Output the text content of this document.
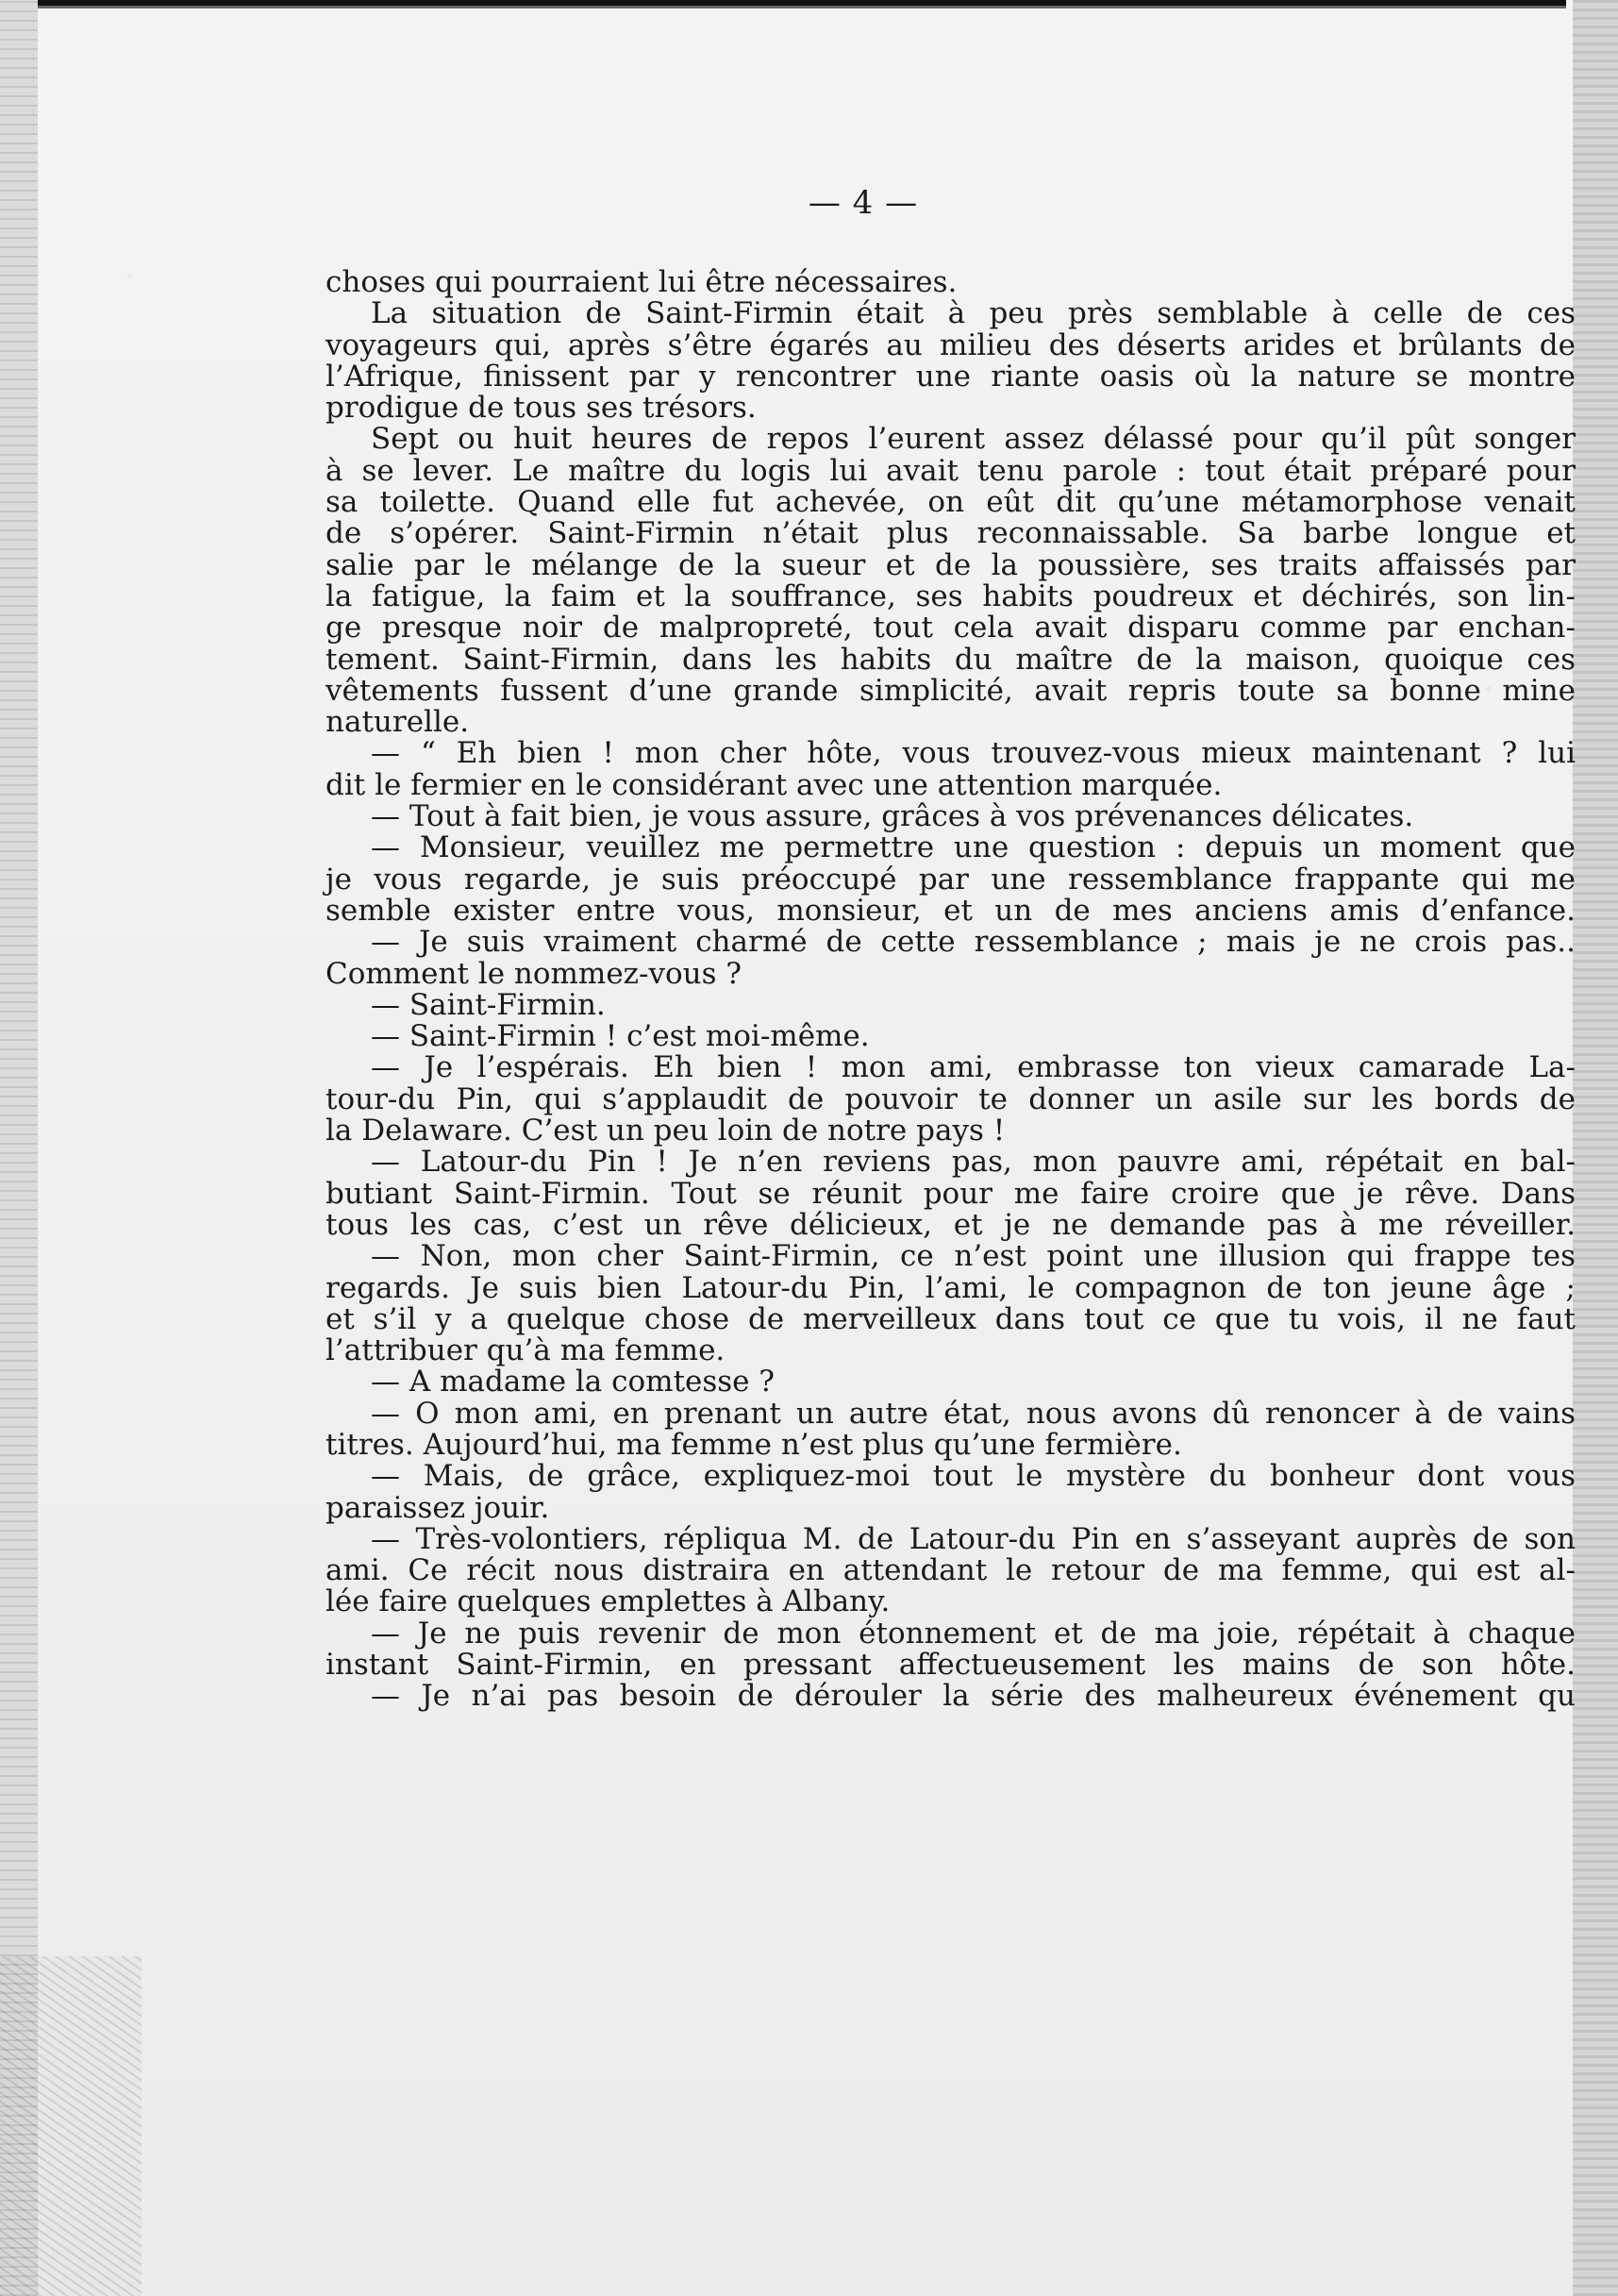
— 4 —
choses qui pourraient lui être nécessaires.
La situation de Saint-Firmin était à peu près semblable à celle de ces
voyageurs qui, après s’être égarés au milieu des déserts arides et brûlants de
l’Afrique, finissent par y rencontrer une riante oasis où la nature se montre
prodigue de tous ses trésors.
Sept ou huit heures de repos l’eurent assez délassé pour qu’il pût songer
à se lever. Le maître du logis lui avait tenu parole : tout était préparé pour
sa toilette. Quand elle fut achevée, on eût dit qu’une métamorphose venait
de s’opérer. Saint-Firmin n’était plus reconnaissable. Sa barbe longue et
salie par le mélange de la sueur et de la poussière, ses traits affaissés par
la fatigue, la faim et la souffrance, ses habits poudreux et déchirés, son lin-
ge presque noir de malpropreté, tout cela avait disparu comme par enchan-
tement. Saint-Firmin, dans les habits du maître de la maison, quoique ces
vêtements fussent d’une grande simplicité, avait repris toute sa bonne mine
naturelle.
— “ Eh bien ! mon cher hôte, vous trouvez-vous mieux maintenant ? lui
dit le fermier en le considérant avec une attention marquée.
— Tout à fait bien, je vous assure, grâces à vos prévenances délicates.
— Monsieur, veuillez me permettre une question : depuis un moment que
je vous regarde, je suis préoccupé par une ressemblance frappante qui me
semble exister entre vous, monsieur, et un de mes anciens amis d’enfance.
— Je suis vraiment charmé de cette ressemblance ; mais je ne crois pas..
Comment le nommez-vous ?
— Saint-Firmin.
— Saint-Firmin ! c’est moi-même.
— Je l’espérais. Eh bien ! mon ami, embrasse ton vieux camarade La-
tour-du Pin, qui s’applaudit de pouvoir te donner un asile sur les bords de
la Delaware. C’est un peu loin de notre pays !
— Latour-du Pin ! Je n’en reviens pas, mon pauvre ami, répétait en bal-
butiant Saint-Firmin. Tout se réunit pour me faire croire que je rêve. Dans
tous les cas, c’est un rêve délicieux, et je ne demande pas à me réveiller.
— Non, mon cher Saint-Firmin, ce n’est point une illusion qui frappe tes
regards. Je suis bien Latour-du Pin, l’ami, le compagnon de ton jeune âge ;
et s’il y a quelque chose de merveilleux dans tout ce que tu vois, il ne faut
l’attribuer qu’à ma femme.
— A madame la comtesse ?
— O mon ami, en prenant un autre état, nous avons dû renoncer à de vains
titres. Aujourd’hui, ma femme n’est plus qu’une fermière.
— Mais, de grâce, expliquez-moi tout le mystère du bonheur dont vous
paraissez jouir.
— Très-volontiers, répliqua M. de Latour-du Pin en s’asseyant auprès de son
ami. Ce récit nous distraira en attendant le retour de ma femme, qui est al-
lée faire quelques emplettes à Albany.
— Je ne puis revenir de mon étonnement et de ma joie, répétait à chaque
instant Saint-Firmin, en pressant affectueusement les mains de son hôte.
— Je n’ai pas besoin de dérouler la série des malheureux événement qu
